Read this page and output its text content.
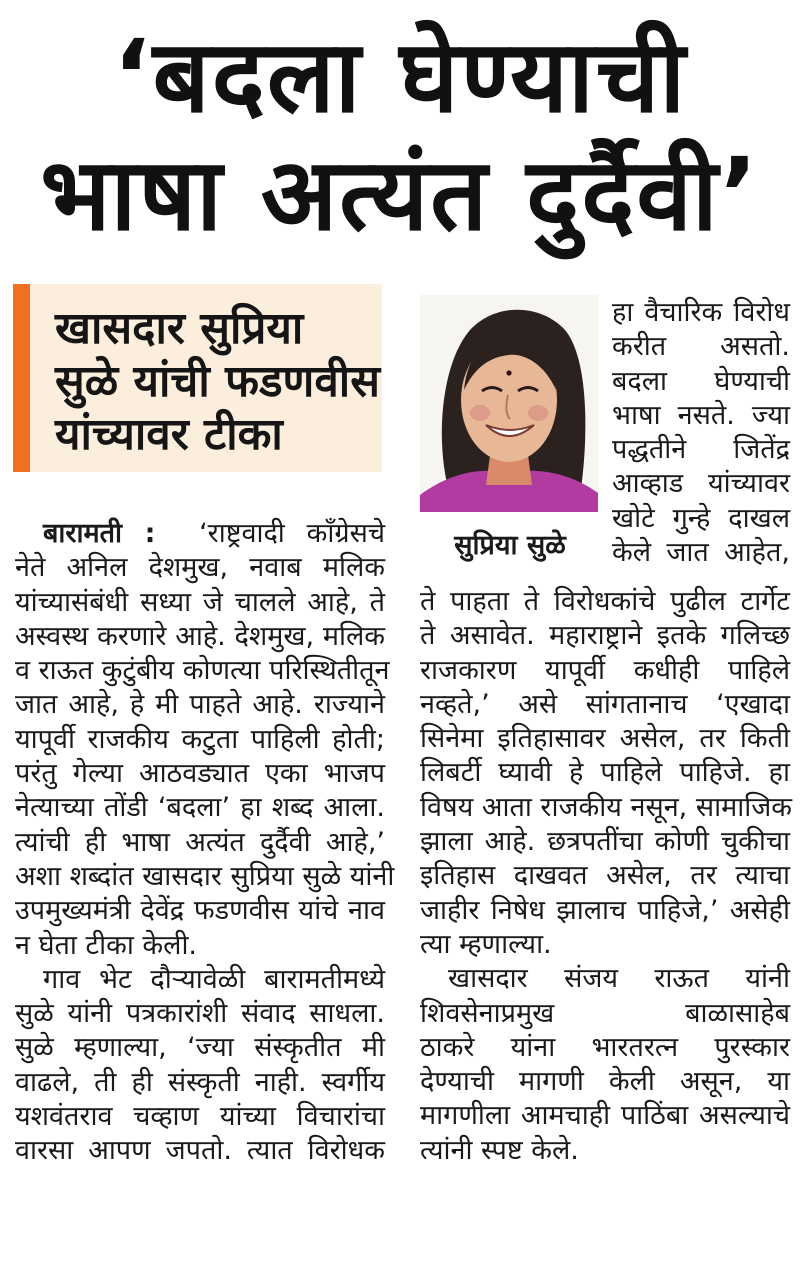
‘बदला घेण्याची
भाषा अत्यंत दुर्दैवी’
खासदार सुप्रिया
सुळे यांची फडणवीस
यांच्यावर टीका
सुप्रिया सुळे
हा वैचारिक विरोध
करीत असतो.
बदला घेण्याची
भाषा नसते. ज्या
पद्धतीने जितेंद्र
आव्हाड यांच्यावर
खोटे गुन्हे दाखल
केले जात आहेत,
बारामती : ‘राष्ट्रवादी काँग्रेसचे
नेते अनिल देशमुख, नवाब मलिक
यांच्यासंबंधी सध्या जे चालले आहे, ते
अस्वस्थ करणारे आहे. देशमुख, मलिक
व राऊत कुटुंबीय कोणत्या परिस्थितीतून
जात आहे, हे मी पाहते आहे. राज्याने
यापूर्वी राजकीय कटुता पाहिली होती;
परंतु गेल्या आठवड्यात एका भाजप
नेत्याच्या तोंडी ‘बदला’ हा शब्द आला.
त्यांची ही भाषा अत्यंत दुर्दैवी आहे,’
अशा शब्दांत खासदार सुप्रिया सुळे यांनी
उपमुख्यमंत्री देवेंद्र फडणवीस यांचे नाव
न घेता टीका केली.
गाव भेट दौऱ्यावेळी बारामतीमध्ये
सुळे यांनी पत्रकारांशी संवाद साधला.
सुळे म्हणाल्या, ‘ज्या संस्कृतीत मी
वाढले, ती ही संस्कृती नाही. स्वर्गीय
यशवंतराव चव्हाण यांच्या विचारांचा
वारसा आपण जपतो. त्यात विरोधक
ते पाहता ते विरोधकांचे पुढील टार्गेट
ते असावेत. महाराष्ट्राने इतके गलिच्छ
राजकारण यापूर्वी कधीही पाहिले
नव्हते,’ असे सांगतानाच ‘एखादा
सिनेमा इतिहासावर असेल, तर किती
लिबर्टी घ्यावी हे पाहिले पाहिजे. हा
विषय आता राजकीय नसून, सामाजिक
झाला आहे. छत्रपतींचा कोणी चुकीचा
इतिहास दाखवत असेल, तर त्याचा
जाहीर निषेध झालाच पाहिजे,’ असेही
त्या म्हणाल्या.
खासदार संजय राऊत यांनी
शिवसेनाप्रमुख बाळासाहेब
ठाकरे यांना भारतरत्न पुरस्कार
देण्याची मागणी केली असून, या
मागणीला आमचाही पाठिंबा असल्याचे
त्यांनी स्पष्ट केले.
